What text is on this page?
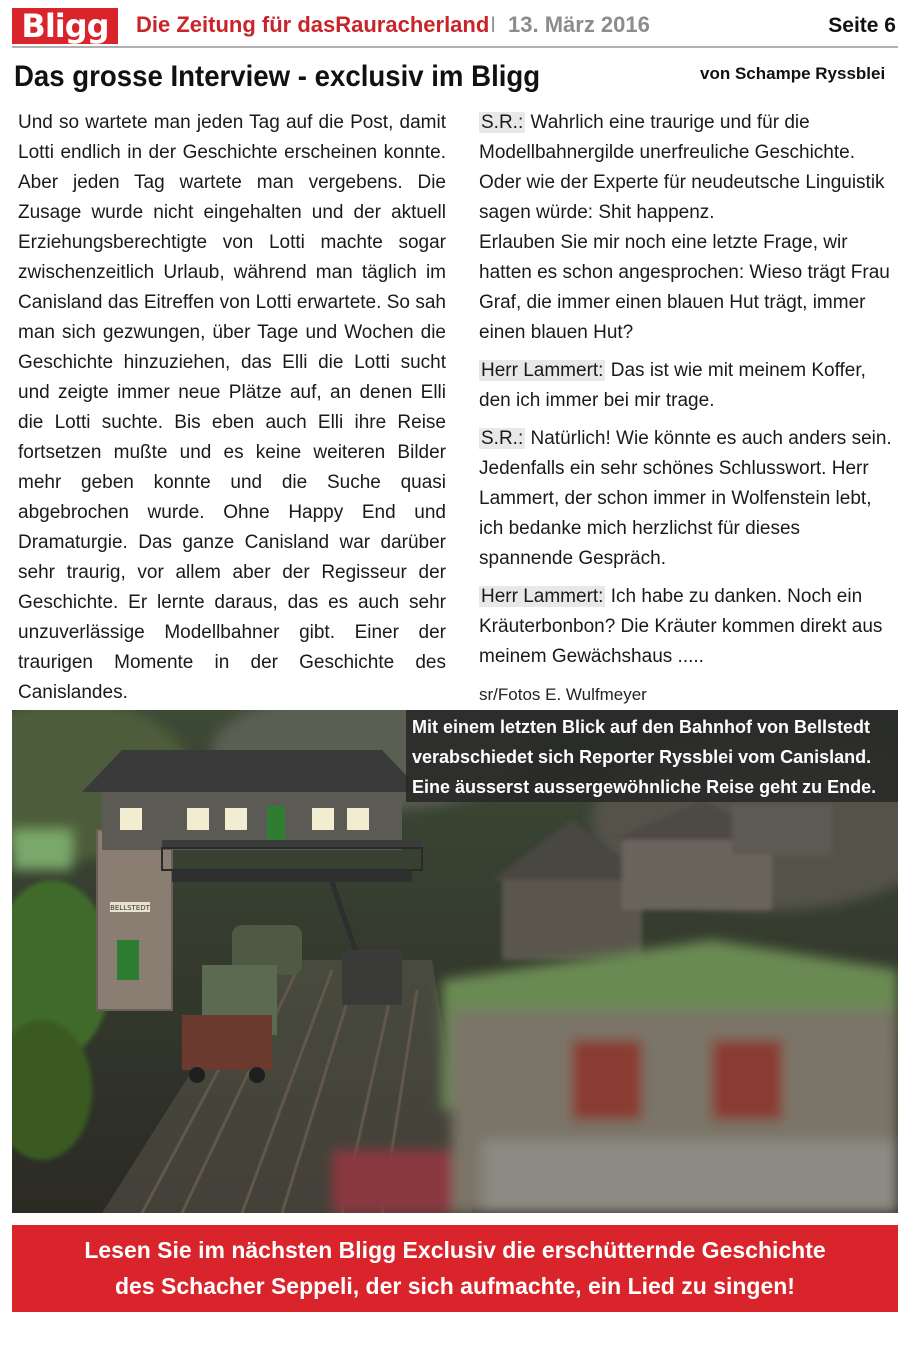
Bligg	Die Zeitung für dasRauracherland I 13. März 2016	Seite 6
Das grosse Interview - exclusiv im Bligg	von Schampe Ryssblei

Und so wartete man jeden Tag auf die Post, damit Lotti endlich in der Geschichte erscheinen konnte. Aber jeden Tag wartete man vergebens. Die Zusage wurde nicht eingehalten und der aktuell Erziehungsberechtigte von Lotti machte sogar zwischenzeitlich Urlaub, während man täglich im Canisland das Eitreffen von Lotti erwartete. So sah man sich gezwungen, über Tage und Wochen die Geschichte hinzuziehen, das Elli die Lotti sucht und zeigte immer neue Plätze auf, an denen Elli die Lotti suchte. Bis eben auch Elli ihre Reise fortsetzen mußte und es keine weiteren Bilder mehr geben konnte und die Suche quasi abgebrochen wurde. Ohne Happy End und Dramaturgie. Das ganze Canisland war darüber sehr traurig, vor allem aber der Regisseur der Geschichte. Er lernte daraus, das es auch sehr unzuverlässige Modellbahner gibt. Einer der traurigen Momente in der Geschichte des Canislandes.

S.R.: Wahrlich eine traurige und für die Modellbahnergilde unerfreuliche Geschichte. Oder wie der Experte für neudeutsche Linguistik sagen würde: Shit happenz.
Erlauben Sie mir noch eine letzte Frage, wir hatten es schon angesprochen: Wieso trägt Frau Graf, die immer einen blauen Hut trägt, immer einen blauen Hut?

Herr Lammert: Das ist wie mit meinem Koffer, den ich immer bei mir trage.

S.R.: Natürlich! Wie könnte es auch anders sein. Jedenfalls ein sehr schönes Schlusswort. Herr Lammert, der schon immer in Wolfenstein lebt, ich bedanke mich herzlichst für dieses spannende Gespräch.

Herr Lammert: Ich habe zu danken. Noch ein Kräuterbonbon? Die Kräuter kommen direkt aus meinem Gewächshaus .....

sr/Fotos E. Wulfmeyer
BELLSTEDT
Mit einem letzten Blick auf den Bahnhof von Bellstedt
verabschiedet sich Reporter Ryssblei vom Canisland.
Eine äusserst aussergewöhnliche Reise geht zu Ende.
Lesen Sie im nächsten Bligg Exclusiv die erschütternde Geschichte
des Schacher Seppeli, der sich aufmachte, ein Lied zu singen!
